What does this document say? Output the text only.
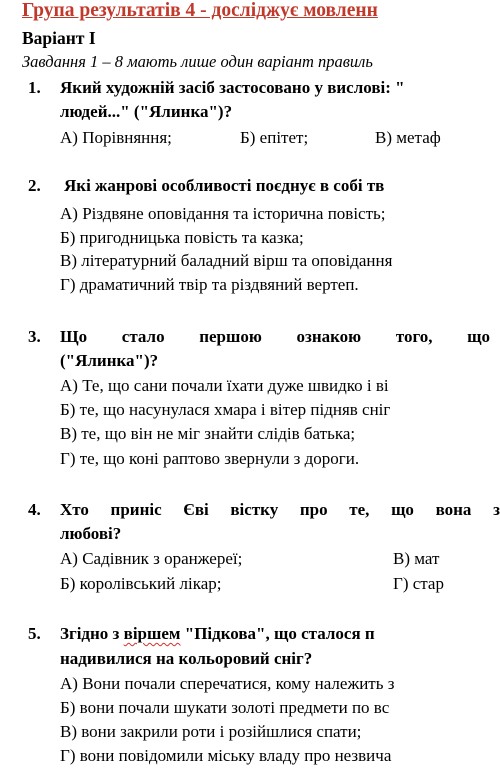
Група результатів 4 - досліджує мовленн
Варіант І
Завдання 1 – 8 мають лише один варіант правиль
1. Який художній засіб застосовано у вислові: "
людей..." ("Ялинка")?
А) Порівняння;	Б) епітет;	В) метаф
2. Які жанрові особливості поєднує в собі тв
А) Різдвяне оповідання та історична повість;
Б) пригодницька повість та казка;
В) літературний баладний вірш та оповідання
Г) драматичний твір та різдвяний вертеп.
3. Що стало першою ознакою того, що
("Ялинка")?
А) Те, що сани почали їхати дуже швидко і ві
Б) те, що насунулася хмара і вітер підняв сніг
В) те, що він не міг знайти слідів батька;
Г) те, що коні раптово звернули з дороги.
4. Хто приніс Єві вістку про те, що вона з
любові?
А) Садівник з оранжереї;	В) мат
Б) королівський лікар;	Г) стар
5. Згідно з віршем "Підкова", що сталося п
надивилися на кольоровий сніг?
А) Вони почали сперечатися, кому належить з
Б) вони почали шукати золоті предмети по вс
В) вони закрили роти і розійшлися спати;
Г) вони повідомили міську владу про незвича
